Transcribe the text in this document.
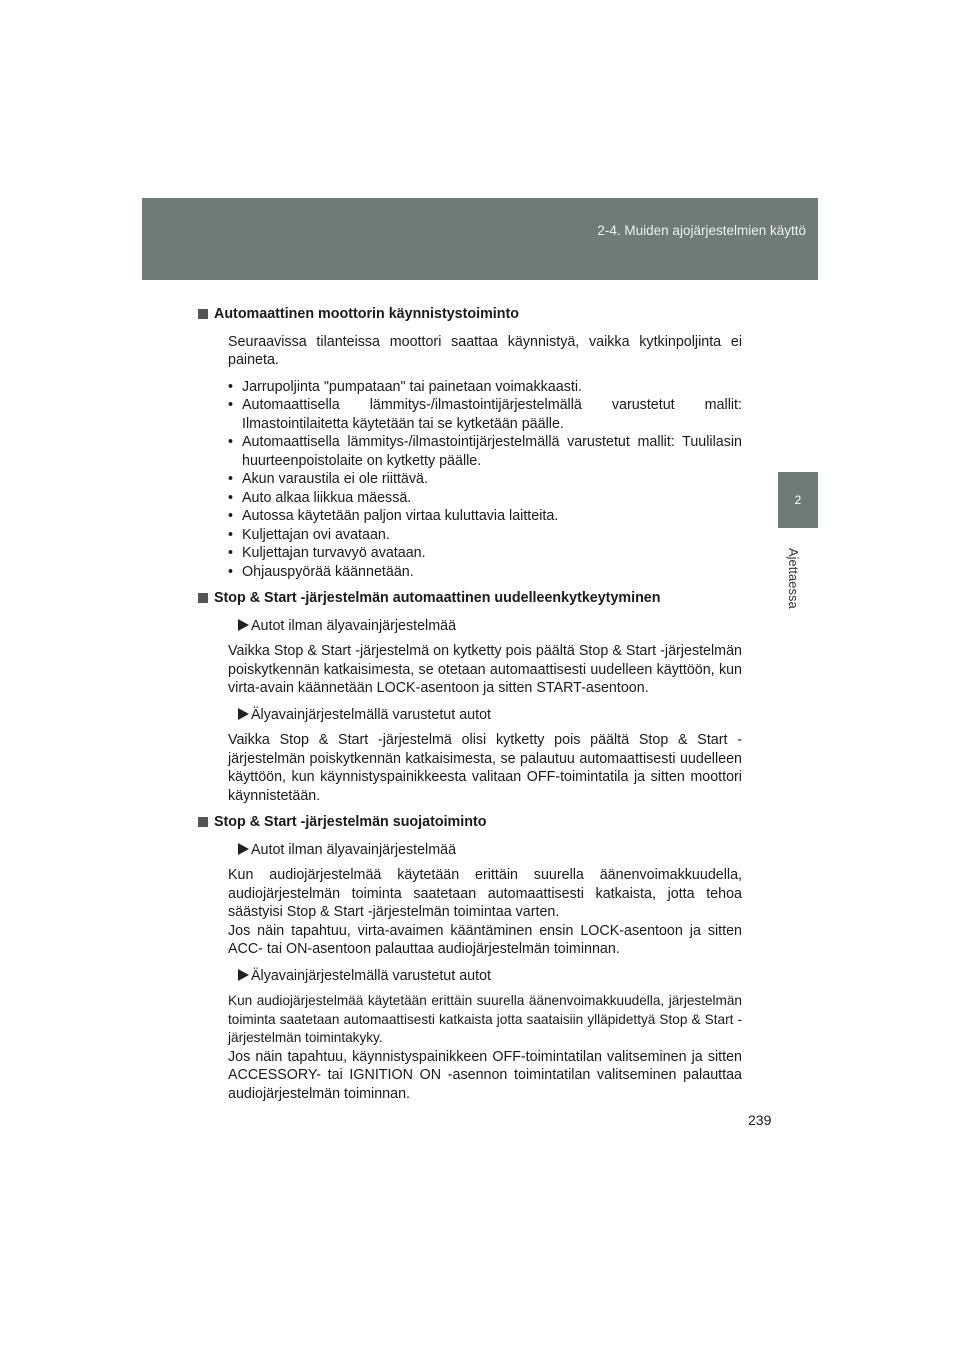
2-4. Muiden ajojärjestelmien käyttö
2
Ajettaessa
Automaattinen moottorin käynnistystoiminto
Seuraavissa tilanteissa moottori saattaa käynnistyä, vaikka kytkinpoljinta ei paineta.
• Jarrupoljinta "pumpataan" tai painetaan voimakkaasti.
• Automaattisella lämmitys-/ilmastointijärjestelmällä varustetut mallit: Ilmastointilaitetta käytetään tai se kytketään päälle.
• Automaattisella lämmitys-/ilmastointijärjestelmällä varustetut mallit: Tuulilasin huurteenpoistolaite on kytketty päälle.
• Akun varaustila ei ole riittävä.
• Auto alkaa liikkua mäessä.
• Autossa käytetään paljon virtaa kuluttavia laitteita.
• Kuljettajan ovi avataan.
• Kuljettajan turvavyö avataan.
• Ohjauspyörää käännetään.
Stop & Start -järjestelmän automaattinen uudelleenkytkeytyminen
Autot ilman älyavainjärjestelmää
Vaikka Stop & Start -järjestelmä on kytketty pois päältä Stop & Start -järjestelmän poiskytkennän katkaisimesta, se otetaan automaattisesti uudelleen käyttöön, kun virta-avain käännetään LOCK-asentoon ja sitten START-asentoon.
Älyavainjärjestelmällä varustetut autot
Vaikka Stop & Start -järjestelmä olisi kytketty pois päältä Stop & Start -järjestelmän poiskytkennän katkaisimesta, se palautuu automaattisesti uudelleen käyttöön, kun käynnistyspainikkeesta valitaan OFF-toimintatila ja sitten moottori käynnistetään.
Stop & Start -järjestelmän suojatoiminto
Autot ilman älyavainjärjestelmää
Kun audiojärjestelmää käytetään erittäin suurella äänenvoimakkuudella, audiojärjestelmän toiminta saatetaan automaattisesti katkaista, jotta tehoa säästyisi Stop & Start -järjestelmän toimintaa varten.
Jos näin tapahtuu, virta-avaimen kääntäminen ensin LOCK-asentoon ja sitten ACC- tai ON-asentoon palauttaa audiojärjestelmän toiminnan.
Älyavainjärjestelmällä varustetut autot
Kun audiojärjestelmää käytetään erittäin suurella äänenvoimakkuudella, järjestelmän toiminta saatetaan automaattisesti katkaista jotta saataisiin ylläpidettyä Stop & Start -järjestelmän toimintakyky.
Jos näin tapahtuu, käynnistyspainikkeen OFF-toimintatilan valitseminen ja sitten ACCESSORY- tai IGNITION ON -asennon toimintatilan valitseminen palauttaa audiojärjestelmän toiminnan.
239
